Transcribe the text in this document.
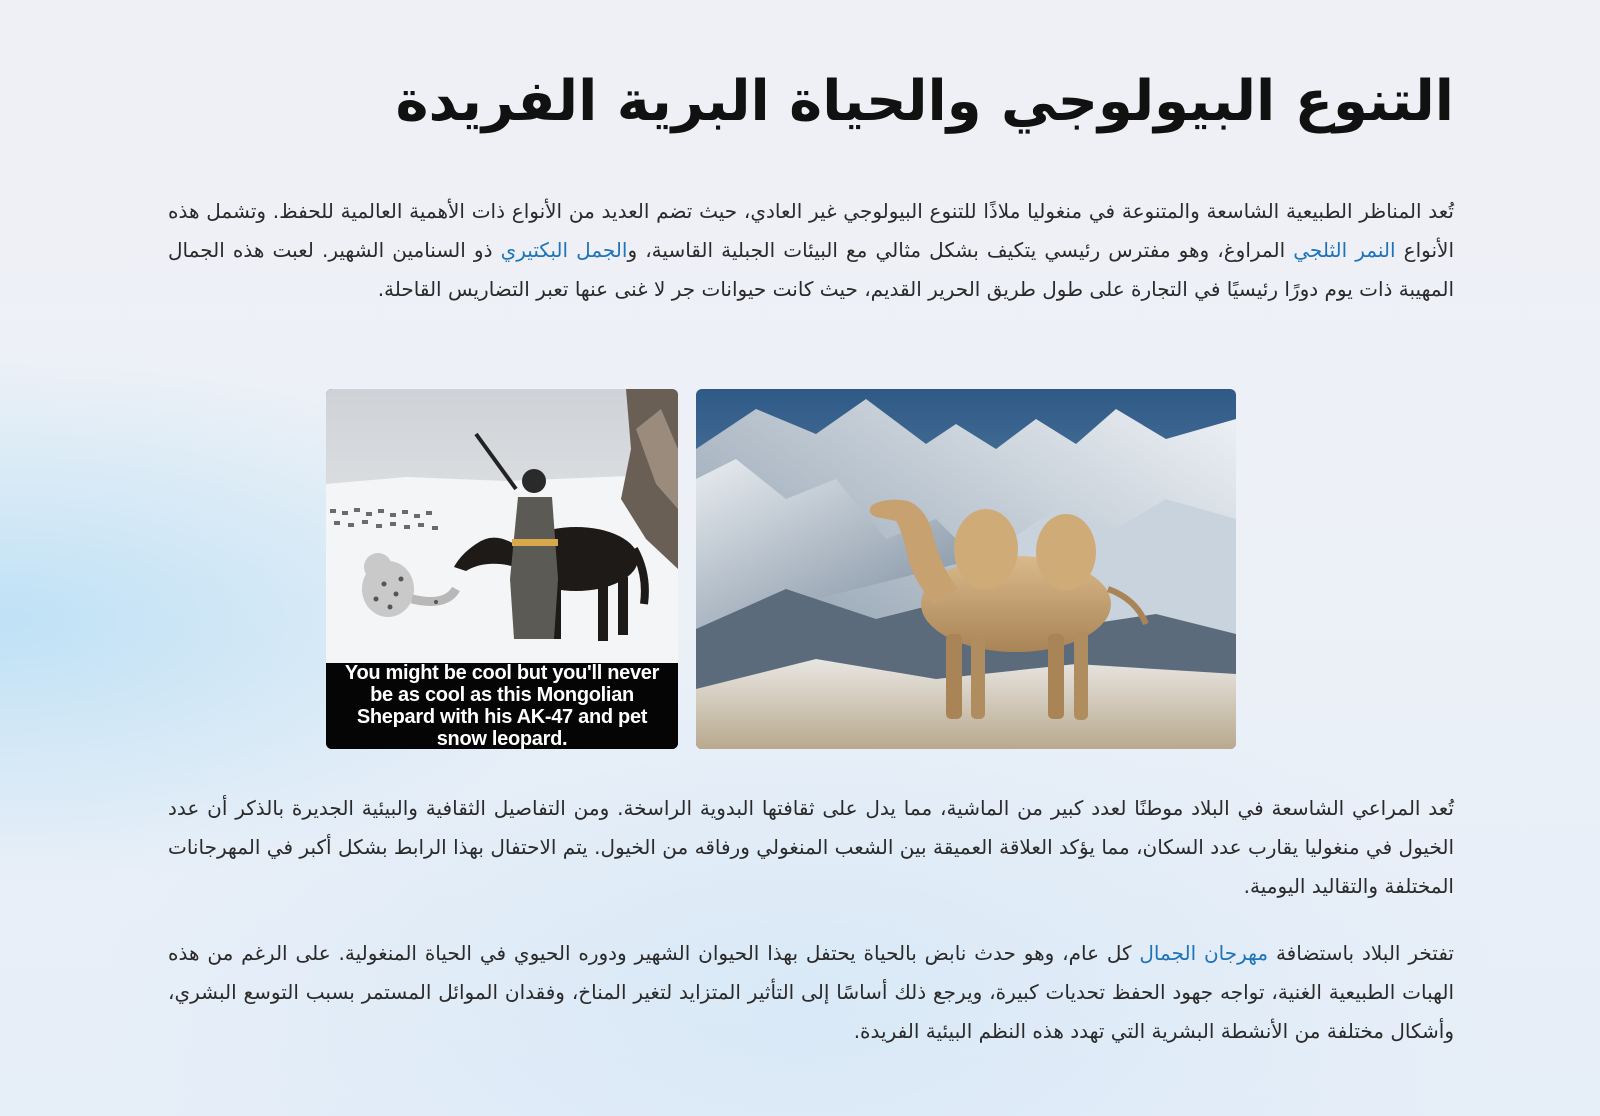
التنوع البيولوجي والحياة البرية الفريدة

تُعد المناظر الطبيعية الشاسعة والمتنوعة في منغوليا ملاذًا للتنوع البيولوجي غير العادي، حيث تضم العديد من الأنواع ذات الأهمية العالمية للحفظ. وتشمل هذه الأنواع النمر الثلجي المراوغ، وهو مفترس رئيسي يتكيف بشكل مثالي مع البيئات الجبلية القاسية، والجمل البكتيري ذو السنامين الشهير. لعبت هذه الجمال المهيبة ذات يوم دورًا رئيسيًا في التجارة على طول طريق الحرير القديم، حيث كانت حيوانات جر لا غنى عنها تعبر التضاريس القاحلة.

You might be cool but you'll never be as cool as this Mongolian Shepard with his AK-47 and pet snow leopard.

تُعد المراعي الشاسعة في البلاد موطنًا لعدد كبير من الماشية، مما يدل على ثقافتها البدوية الراسخة. ومن التفاصيل الثقافية والبيئية الجديرة بالذكر أن عدد الخيول في منغوليا يقارب عدد السكان، مما يؤكد العلاقة العميقة بين الشعب المنغولي ورفاقه من الخيول. يتم الاحتفال بهذا الرابط بشكل أكبر في المهرجانات المختلفة والتقاليد اليومية.

تفتخر البلاد باستضافة مهرجان الجمال كل عام، وهو حدث نابض بالحياة يحتفل بهذا الحيوان الشهير ودوره الحيوي في الحياة المنغولية. على الرغم من هذه الهبات الطبيعية الغنية، تواجه جهود الحفظ تحديات كبيرة، ويرجع ذلك أساسًا إلى التأثير المتزايد لتغير المناخ، وفقدان الموائل المستمر بسبب التوسع البشري، وأشكال مختلفة من الأنشطة البشرية التي تهدد هذه النظم البيئية الفريدة.
